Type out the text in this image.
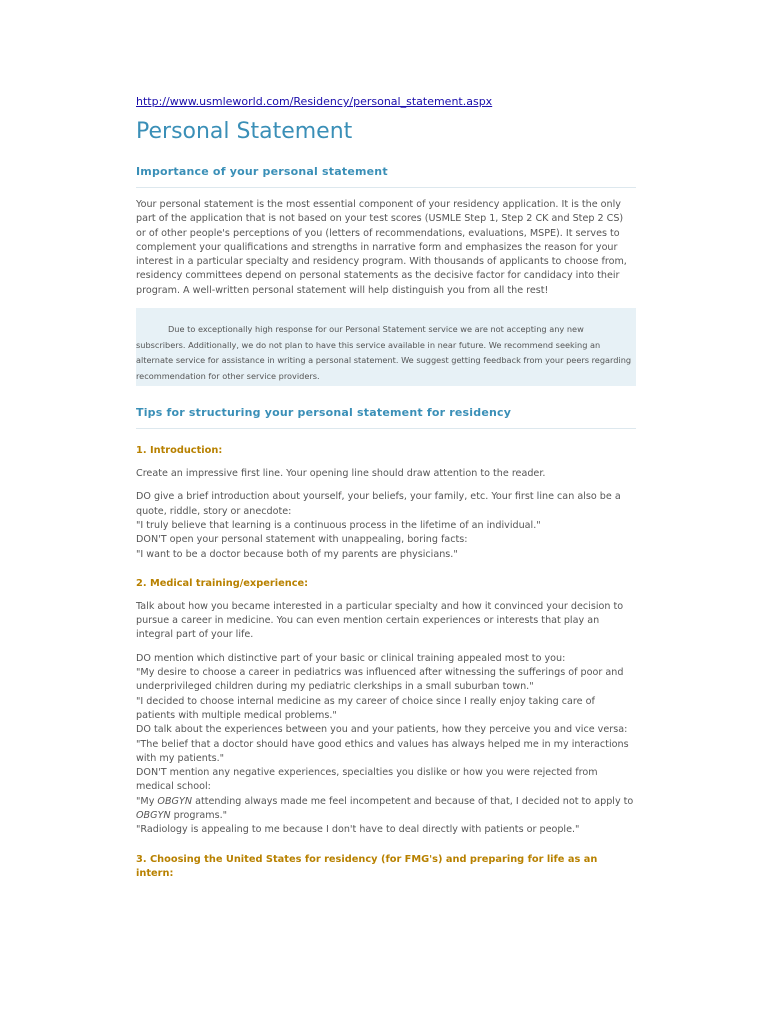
http://www.usmleworld.com/Residency/personal_statement.aspx
Personal Statement
Importance of your personal statement

Your personal statement is the most essential component of your residency application. It is the only part of the application that is not based on your test scores (USMLE Step 1, Step 2 CK and Step 2 CS) or of other people's perceptions of you (letters of recommendations, evaluations, MSPE). It serves to complement your qualifications and strengths in narrative form and emphasizes the reason for your interest in a particular specialty and residency program. With thousands of applicants to choose from, residency committees depend on personal statements as the decisive factor for candidacy into their program. A well-written personal statement will help distinguish you from all the rest!

Due to exceptionally high response for our Personal Statement service we are not accepting any new subscribers. Additionally, we do not plan to have this service available in near future. We recommend seeking an alternate service for assistance in writing a personal statement. We suggest getting feedback from your peers regarding recommendation for other service providers.
Tips for structuring your personal statement for residency
1. Introduction:

Create an impressive first line. Your opening line should draw attention to the reader.

DO give a brief introduction about yourself, your beliefs, your family, etc. Your first line can also be a quote, riddle, story or anecdote:
"I truly believe that learning is a continuous process in the lifetime of an individual."
DON'T open your personal statement with unappealing, boring facts:
"I want to be a doctor because both of my parents are physicians."
2. Medical training/experience:

Talk about how you became interested in a particular specialty and how it convinced your decision to pursue a career in medicine. You can even mention certain experiences or interests that play an integral part of your life.

DO mention which distinctive part of your basic or clinical training appealed most to you:
"My desire to choose a career in pediatrics was influenced after witnessing the sufferings of poor and underprivileged children during my pediatric clerkships in a small suburban town."
"I decided to choose internal medicine as my career of choice since I really enjoy taking care of patients with multiple medical problems."
DO talk about the experiences between you and your patients, how they perceive you and vice versa:
"The belief that a doctor should have good ethics and values has always helped me in my interactions with my patients."
DON'T mention any negative experiences, specialties you dislike or how you were rejected from medical school:
"My OBGYN attending always made me feel incompetent and because of that, I decided not to apply to OBGYN programs."
"Radiology is appealing to me because I don't have to deal directly with patients or people."
3. Choosing the United States for residency (for FMG's) and preparing for life as an intern:
